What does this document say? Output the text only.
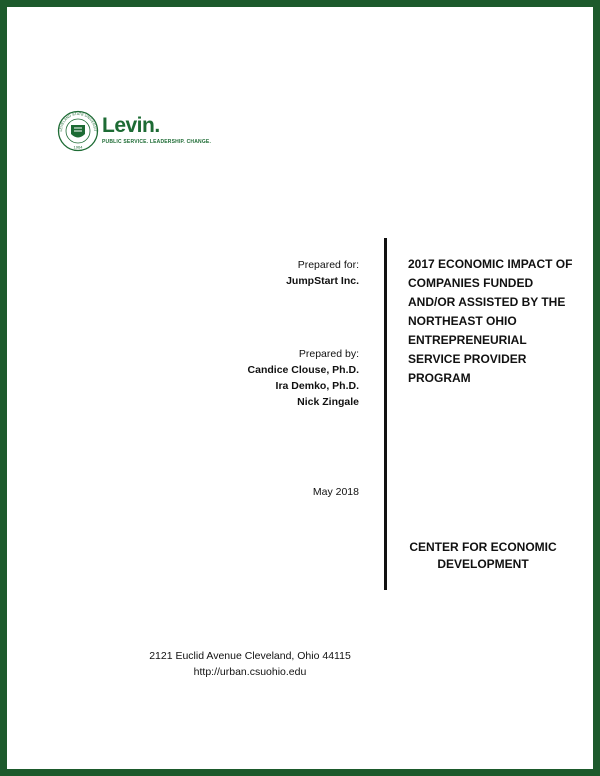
1964
LEVELAND STATE UNIVERSIT Levin.
PUBLIC SERVICE. LEADERSHIP. CHANGE.
Prepared for:
JumpStart Inc.
Prepared by:
Candice Clouse, Ph.D.
Ira Demko, Ph.D.
Nick Zingale
May 2018
2017 ECONOMIC IMPACT OF COMPANIES FUNDED AND/OR ASSISTED BY THE NORTHEAST OHIO ENTREPRENEURIAL SERVICE PROVIDER PROGRAM
CENTER FOR ECONOMIC DEVELOPMENT
2121 Euclid Avenue Cleveland, Ohio 44115
http://urban.csuohio.edu
